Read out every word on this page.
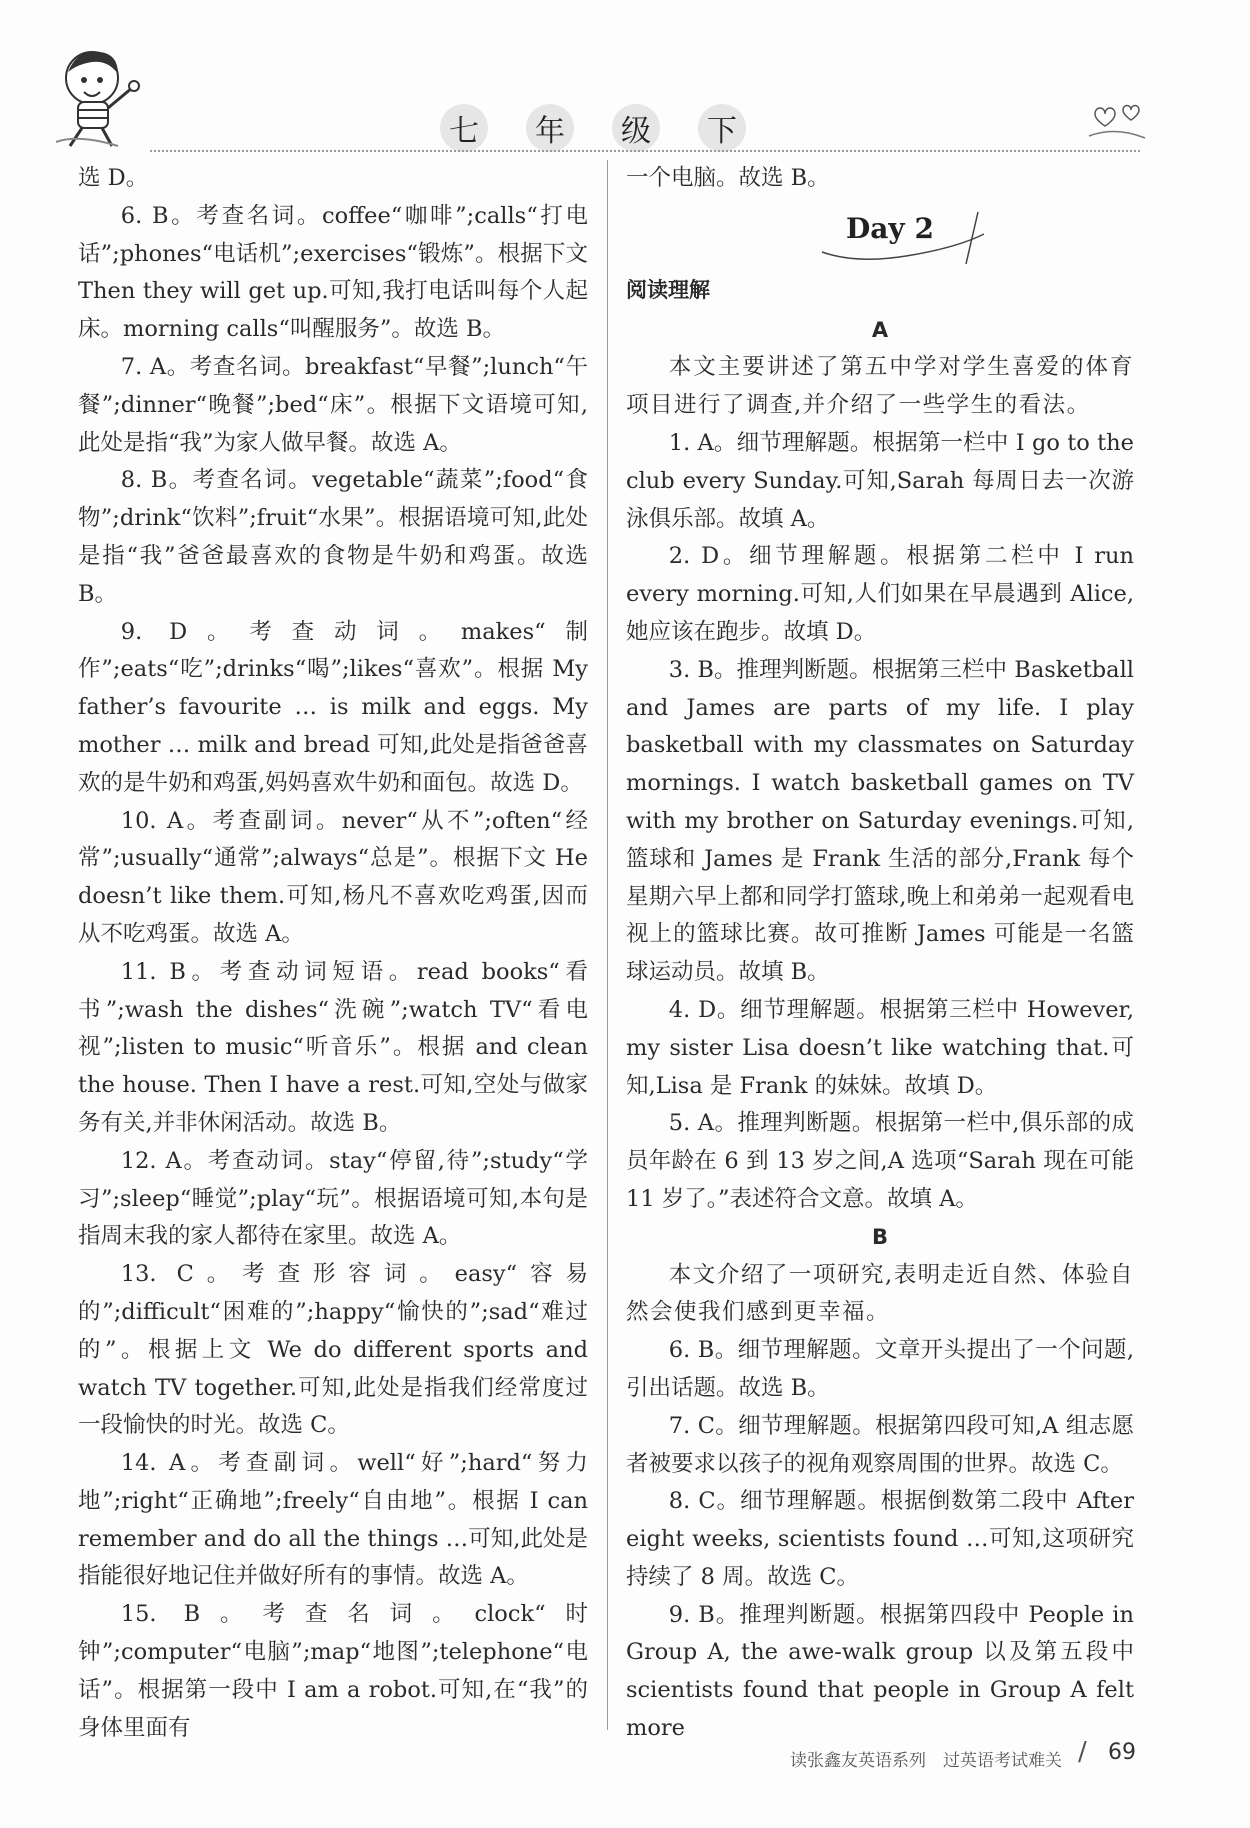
七	年	级	下

选 D。

6. B。考查名词。coffee“咖啡”;calls“打电话”;phones“电话机”;exercises“锻炼”。根据下文 Then they will get up.可知,我打电话叫每个人起床。morning calls“叫醒服务”。故选 B。

7. A。考查名词。breakfast“早餐”;lunch“午餐”;dinner“晚餐”;bed“床”。根据下文语境可知,此处是指“我”为家人做早餐。故选 A。

8. B。考查名词。vegetable“蔬菜”;food“食物”;drink“饮料”;fruit“水果”。根据语境可知,此处是指“我”爸爸最喜欢的食物是牛奶和鸡蛋。故选 B。

9. D。考查动词。makes“制作”;eats“吃”;drinks“喝”;likes“喜欢”。根据 My father’s favourite … is milk and eggs. My mother … milk and bread 可知,此处是指爸爸喜欢的是牛奶和鸡蛋,妈妈喜欢牛奶和面包。故选 D。

10. A。考查副词。never“从不”;often“经常”;usually“通常”;always“总是”。根据下文 He doesn’t like them.可知,杨凡不喜欢吃鸡蛋,因而从不吃鸡蛋。故选 A。

11. B。考查动词短语。read books“看书”;wash the dishes“洗碗”;watch TV“看电视”;listen to music“听音乐”。根据 and clean the house. Then I have a rest.可知,空处与做家务有关,并非休闲活动。故选 B。

12. A。考查动词。stay“停留,待”;study“学习”;sleep“睡觉”;play“玩”。根据语境可知,本句是指周末我的家人都待在家里。故选 A。

13. C。考查形容词。easy“容易的”;difficult“困难的”;happy“愉快的”;sad“难过的”。根据上文 We do different sports and watch TV together.可知,此处是指我们经常度过一段愉快的时光。故选 C。

14. A。考查副词。well“好”;hard“努力地”;right“正确地”;freely“自由地”。根据 I can remember and do all the things …可知,此处是指能很好地记住并做好所有的事情。故选 A。

15. B。考查名词。clock“时钟”;computer“电脑”;map“地图”;telephone“电话”。根据第一段中 I am a robot.可知,在“我”的身体里面有

一个电脑。故选 B。

Day 2
阅读理解

A

本文主要讲述了第五中学对学生喜爱的体育项目进行了调查,并介绍了一些学生的看法。

1. A。细节理解题。根据第一栏中 I go to the club every Sunday.可知,Sarah 每周日去一次游泳俱乐部。故填 A。

2. D。细节理解题。根据第二栏中 I run every morning.可知,人们如果在早晨遇到 Alice,她应该在跑步。故填 D。

3. B。推理判断题。根据第三栏中 Basketball and James are parts of my life. I play basketball with my classmates on Saturday mornings. I watch basketball games on TV with my brother on Saturday evenings.可知,篮球和 James 是 Frank 生活的部分,Frank 每个星期六早上都和同学打篮球,晚上和弟弟一起观看电视上的篮球比赛。故可推断 James 可能是一名篮球运动员。故填 B。

4. D。细节理解题。根据第三栏中 However, my sister Lisa doesn’t like watching that.可知,Lisa 是 Frank 的妹妹。故填 D。

5. A。推理判断题。根据第一栏中,俱乐部的成员年龄在 6 到 13 岁之间,A 选项“Sarah 现在可能 11 岁了。”表述符合文意。故填 A。

B

本文介绍了一项研究,表明走近自然、体验自然会使我们感到更幸福。

6. B。细节理解题。文章开头提出了一个问题,引出话题。故选 B。

7. C。细节理解题。根据第四段可知,A 组志愿者被要求以孩子的视角观察周围的世界。故选 C。

8. C。细节理解题。根据倒数第二段中 After eight weeks, scientists found …可知,这项研究持续了 8 周。故选 C。

9. B。推理判断题。根据第四段中 People in Group A, the awe-walk group 以及第五段中 scientists found that people in Group A felt more

读张鑫友英语系列　过英语考试难关 / 69
